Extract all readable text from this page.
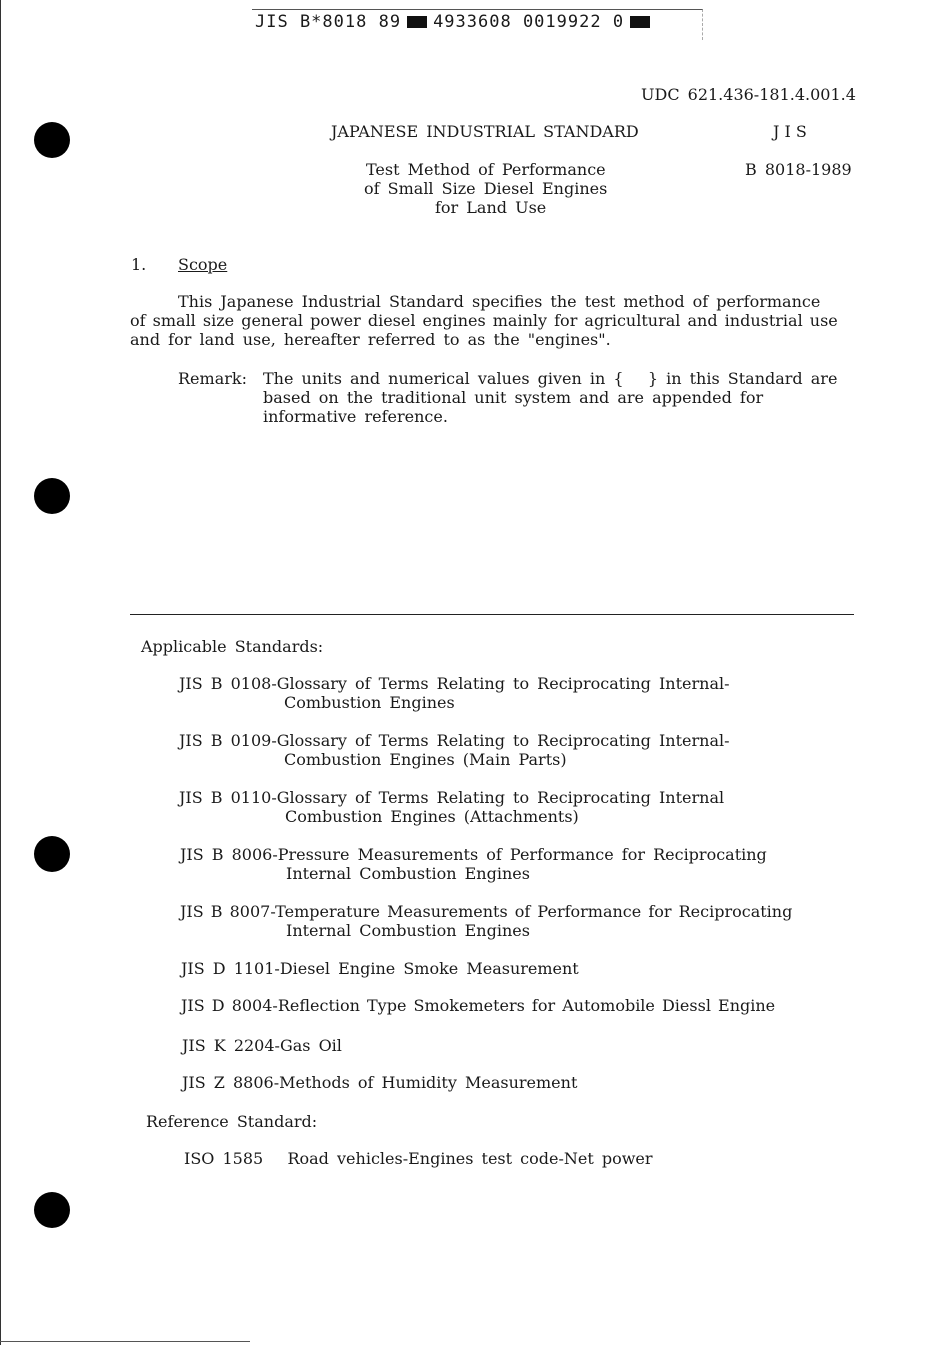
JIS B*8018 89 4933608 0019922 0
UDC 621.436-181.4.001.4
JAPANESE INDUSTRIAL STANDARD	J I S
Test Method of Performance
of Small Size Diesel Engines
for Land Use
B 8018-1989
1. Scope
This Japanese Industrial Standard specifies the test method of performance
of small size general power diesel engines mainly for agricultural and industrial use
and for land use, hereafter referred to as the "engines".
Remark: The units and numerical values given in {   } in this Standard are
based on the traditional unit system and are appended for
informative reference.
Applicable Standards:
JIS B 0108-Glossary of Terms Relating to Reciprocating Internal-
Combustion Engines
JIS B 0109-Glossary of Terms Relating to Reciprocating Internal-
Combustion Engines (Main Parts)
JIS B 0110-Glossary of Terms Relating to Reciprocating Internal
Combustion Engines (Attachments)
JIS B 8006-Pressure Measurements of Performance for Reciprocating
Internal Combustion Engines
JIS B 8007-Temperature Measurements of Performance for Reciprocating
Internal Combustion Engines
JIS D 1101-Diesel Engine Smoke Measurement
JIS D 8004-Reflection Type Smokemeters for Automobile Diessl Engine
JIS K 2204-Gas Oil
JIS Z 8806-Methods of Humidity Measurement
Reference Standard:
ISO 1585   Road vehicles-Engines test code-Net power
